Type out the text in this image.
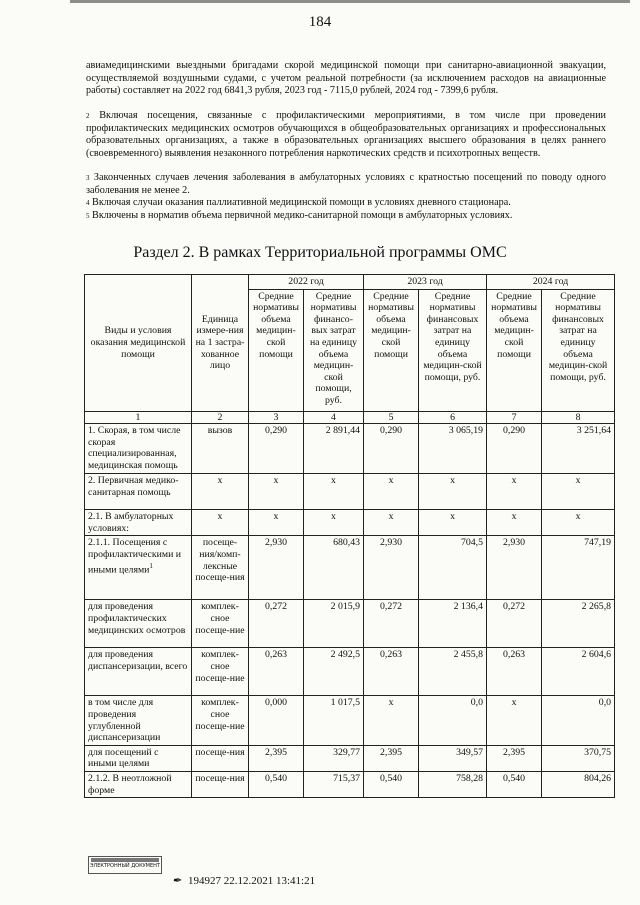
184
авиамедицинскими выездными бригадами скорой медицинской помощи при санитарно-авиационной эвакуации, осуществляемой воздушными судами, с учетом реальной потребности (за исключением расходов на авиационные работы) составляет на 2022 год 6841,3 рубля, 2023 год - 7115,0 рублей, 2024 год - 7399,6 рубля.
$^2$ Включая посещения, связанные с профилактическими мероприятиями, в том числе при проведении профилактических медицинских осмотров обучающихся в общеобразовательных организациях и профессиональных образовательных организациях, а также в образовательных организациях высшего образования в целях раннего (своевременного) выявления незаконного потребления наркотических средств и психотропных веществ.
$^3$ Законченных случаев лечения заболевания в амбулаторных условиях с кратностью посещений по поводу одного заболевания не менее 2.
$^4$ Включая случаи оказания паллиативной медицинской помощи в условиях дневного стационара.
$^5$ Включены в норматив объема первичной медико-санитарной помощи в амбулаторных условиях.
Раздел 2. В рамках Территориальной программы ОМС
Виды и условия оказания медицинской помощи	Единица измере-ния на 1 застра-хованное лицо	2022 год		2023 год		2024 год	
		Средние нормативы объема медицин-ской помощи	Средние нормативы финансо-вых затрат на единицу объема медицин-ской помощи, руб.	Средние нормативы объема медицин-ской помощи	Средние нормативы финансовых затрат на единицу объема медицин-ской помощи, руб.	Средние нормативы объема медицин-ской помощи	Средние нормативы финансовых затрат на единицу объема медицин-ской помощи, руб.
1	2	3	4	5	6	7	8
1. Скорая, в том числе скорая специализированная, медицинская помощь	вызов	0,290	2 891,44	0,290	3 065,19	0,290	3 251,64
2. Первичная медико-санитарная помощь	x	x	x	x	x	x	x
2.1. В амбулаторных условиях:	x	x	x	x	x	x	x
2.1.1. Посещения с профилактическими и иными целями$^1$	посеще-ния/комп-лексные посеще-ния	2,930	680,43	2,930	704,5	2,930	747,19
для проведения профилактических медицинских осмотров	комплек-сное посеще-ние	0,272	2 015,9	0,272	2 136,4	0,272	2 265,8
для проведения диспансеризации, всего	комплек-сное посеще-ние	0,263	2 492,5	0,263	2 455,8	0,263	2 604,6
в том числе для проведения углубленной диспансеризации	комплек-сное посеще-ние	0,000	1 017,5	x	0,0	x	0,0
для посещений с иными целями	посеще-ния	2,395	329,77	2,395	349,57	2,395	370,75
2.1.2. В неотложной форме	посеще-ния	0,540	715,37	0,540	758,28	0,540	804,26
ЭЛЕКТРОННЫЙ ДОКУМЕНТ
✒ 194927 22.12.2021 13:41:21
